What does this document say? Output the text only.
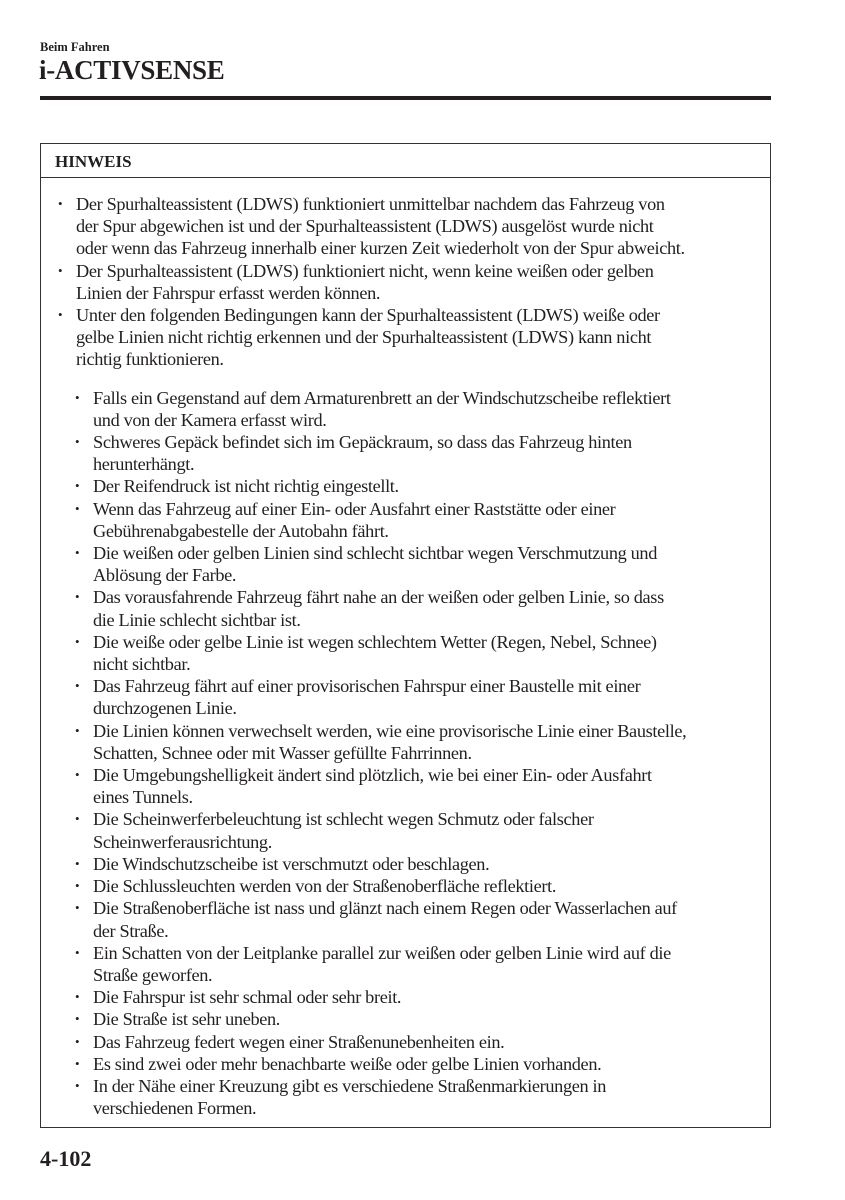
Beim Fahren
i-ACTIVSENSE
HINWEIS
• Der Spurhalteassistent (LDWS) funktioniert unmittelbar nachdem das Fahrzeug von
der Spur abgewichen ist und der Spurhalteassistent (LDWS) ausgelöst wurde nicht
oder wenn das Fahrzeug innerhalb einer kurzen Zeit wiederholt von der Spur abweicht.
• Der Spurhalteassistent (LDWS) funktioniert nicht, wenn keine weißen oder gelben
Linien der Fahrspur erfasst werden können.
• Unter den folgenden Bedingungen kann der Spurhalteassistent (LDWS) weiße oder
gelbe Linien nicht richtig erkennen und der Spurhalteassistent (LDWS) kann nicht
richtig funktionieren.
• Falls ein Gegenstand auf dem Armaturenbrett an der Windschutzscheibe reflektiert
und von der Kamera erfasst wird.
• Schweres Gepäck befindet sich im Gepäckraum, so dass das Fahrzeug hinten
herunterhängt.
• Der Reifendruck ist nicht richtig eingestellt.
• Wenn das Fahrzeug auf einer Ein- oder Ausfahrt einer Raststätte oder einer
Gebührenabgabestelle der Autobahn fährt.
• Die weißen oder gelben Linien sind schlecht sichtbar wegen Verschmutzung und
Ablösung der Farbe.
• Das vorausfahrende Fahrzeug fährt nahe an der weißen oder gelben Linie, so dass
die Linie schlecht sichtbar ist.
• Die weiße oder gelbe Linie ist wegen schlechtem Wetter (Regen, Nebel, Schnee)
nicht sichtbar.
• Das Fahrzeug fährt auf einer provisorischen Fahrspur einer Baustelle mit einer
durchzogenen Linie.
• Die Linien können verwechselt werden, wie eine provisorische Linie einer Baustelle,
Schatten, Schnee oder mit Wasser gefüllte Fahrrinnen.
• Die Umgebungshelligkeit ändert sind plötzlich, wie bei einer Ein- oder Ausfahrt
eines Tunnels.
• Die Scheinwerferbeleuchtung ist schlecht wegen Schmutz oder falscher
Scheinwerferausrichtung.
• Die Windschutzscheibe ist verschmutzt oder beschlagen.
• Die Schlussleuchten werden von der Straßenoberfläche reflektiert.
• Die Straßenoberfläche ist nass und glänzt nach einem Regen oder Wasserlachen auf
der Straße.
• Ein Schatten von der Leitplanke parallel zur weißen oder gelben Linie wird auf die
Straße geworfen.
• Die Fahrspur ist sehr schmal oder sehr breit.
• Die Straße ist sehr uneben.
• Das Fahrzeug federt wegen einer Straßenunebenheiten ein.
• Es sind zwei oder mehr benachbarte weiße oder gelbe Linien vorhanden.
• In der Nähe einer Kreuzung gibt es verschiedene Straßenmarkierungen in
verschiedenen Formen.
4-102
